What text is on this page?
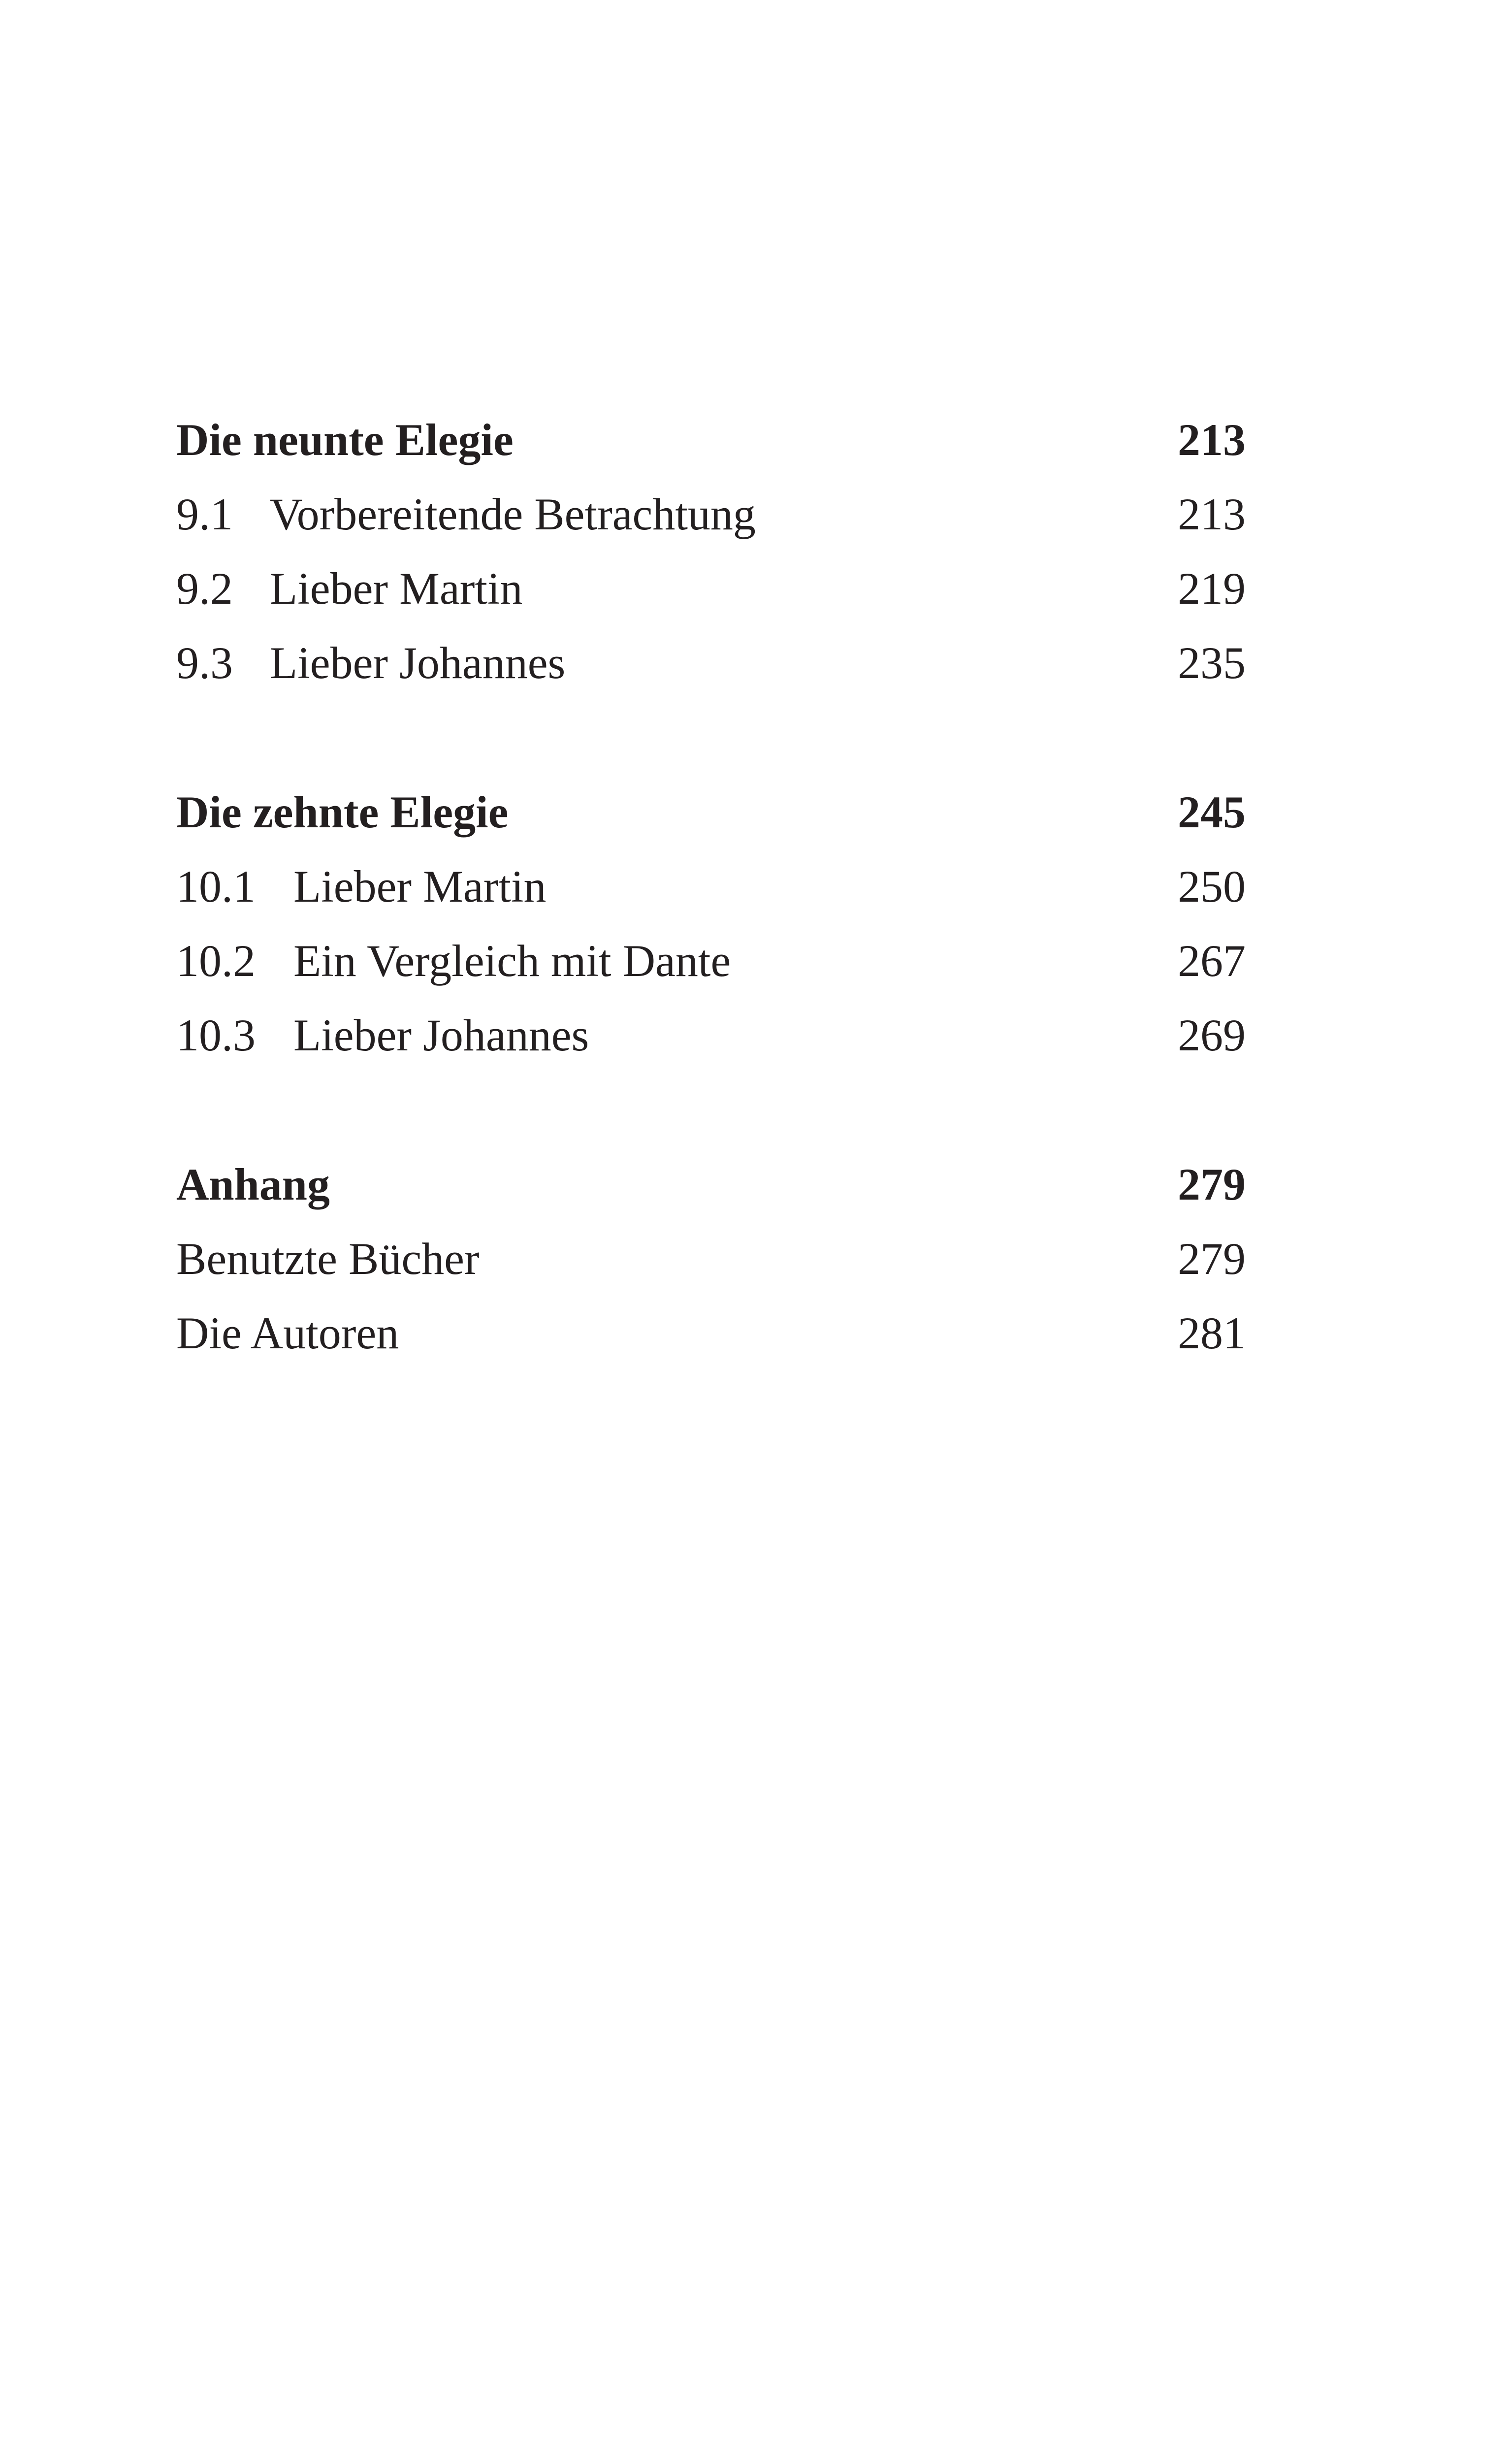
Die neunte Elegie	213
9.1 Vorbereitende Betrachtung	213
9.2 Lieber Martin	219
9.3 Lieber Johannes	235
Die zehnte Elegie	245
10.1 Lieber Martin	250
10.2 Ein Vergleich mit Dante	267
10.3 Lieber Johannes	269
Anhang	279
Benutzte Bücher	279
Die Autoren	281
